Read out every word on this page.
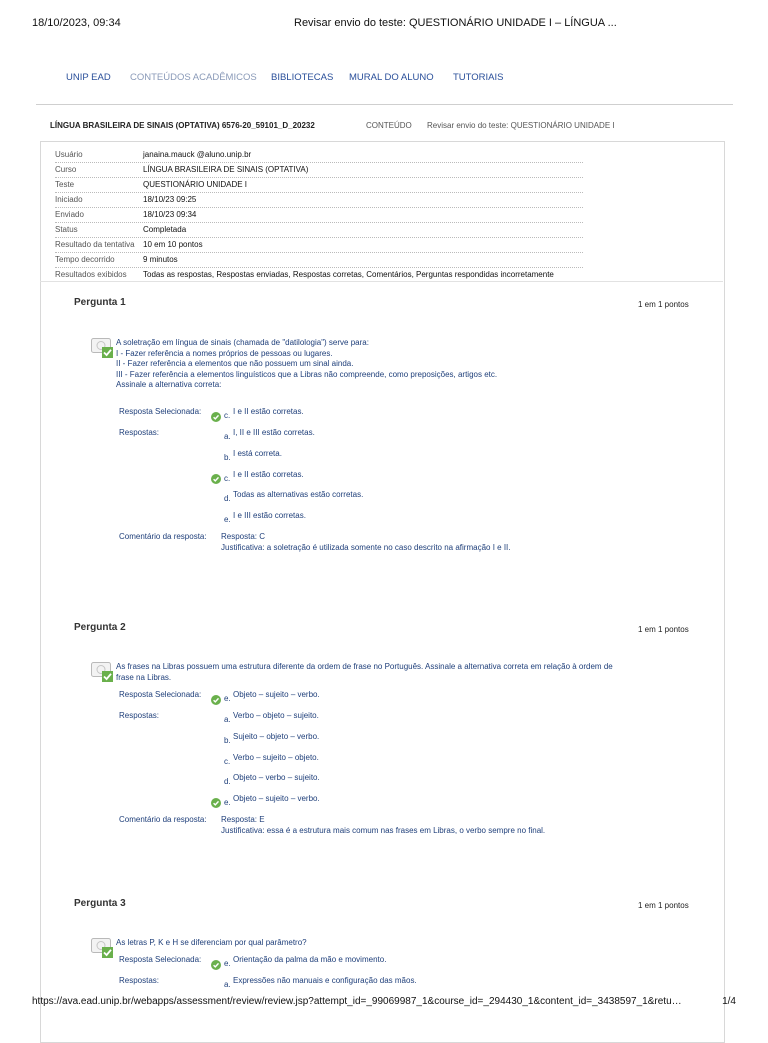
18/10/2023, 09:34	Revisar envio do teste: QUESTIONÁRIO UNIDADE I – LÍNGUA ...
UNIP EAD CONTEÚDOS ACADÊMICOS BIBLIOTECAS MURAL DO ALUNO TUTORIAIS
LÍNGUA BRASILEIRA DE SINAIS (OPTATIVA) 6576-20_59101_D_20232	CONTEÚDO Revisar envio do teste: QUESTIONÁRIO UNIDADE I
Usuário	janaina.mauck @aluno.unip.br
Curso	LÍNGUA BRASILEIRA DE SINAIS (OPTATIVA)
Teste	QUESTIONÁRIO UNIDADE I
Iniciado	18/10/23 09:25
Enviado	18/10/23 09:34
Status	Completada
Resultado da tentativa 10 em 10 pontos
Tempo decorrido	9 minutos
Resultados exibidos Todas as respostas, Respostas enviadas, Respostas corretas, Comentários, Perguntas respondidas incorretamente
Pergunta 1	1 em 1 pontos
A soletração em língua de sinais (chamada de "datilologia") serve para:
I - Fazer referência a nomes próprios de pessoas ou lugares.
II - Fazer referência a elementos que não possuem um sinal ainda.
III - Fazer referência a elementos linguísticos que a Libras não compreende, como preposições, artigos etc.
Assinale a alternativa correta:
Resposta Selecionada:	c. I e II estão corretas.
Respostas:	a. I, II e III estão corretas.
b. I está correta.
c. I e II estão corretas.
d. Todas as alternativas estão corretas.
e. I e III estão corretas.
Comentário da resposta: Resposta: C
Justificativa: a soletração é utilizada somente no caso descrito na afirmação I e II.
Pergunta 2	1 em 1 pontos
As frases na Libras possuem uma estrutura diferente da ordem de frase no Português. Assinale a alternativa correta em relação à ordem de
frase na Libras.
Resposta Selecionada:	e. Objeto – sujeito – verbo.
Respostas:	a. Verbo – objeto – sujeito.
b. Sujeito – objeto – verbo.
c. Verbo – sujeito – objeto.
d. Objeto – verbo – sujeito.
e. Objeto – sujeito – verbo.
Comentário da resposta: Resposta: E
Justificativa: essa é a estrutura mais comum nas frases em Libras, o verbo sempre no final.
Pergunta 3	1 em 1 pontos
As letras P, K e H se diferenciam por qual parâmetro?
Resposta Selecionada:	e. Orientação da palma da mão e movimento.
Respostas:	a. Expressões não manuais e configuração das mãos.
https://ava.ead.unip.br/webapps/assessment/review/review.jsp?attempt_id=_99069987_1&course_id=_294430_1&content_id=_3438597_1&retu…	1/4
